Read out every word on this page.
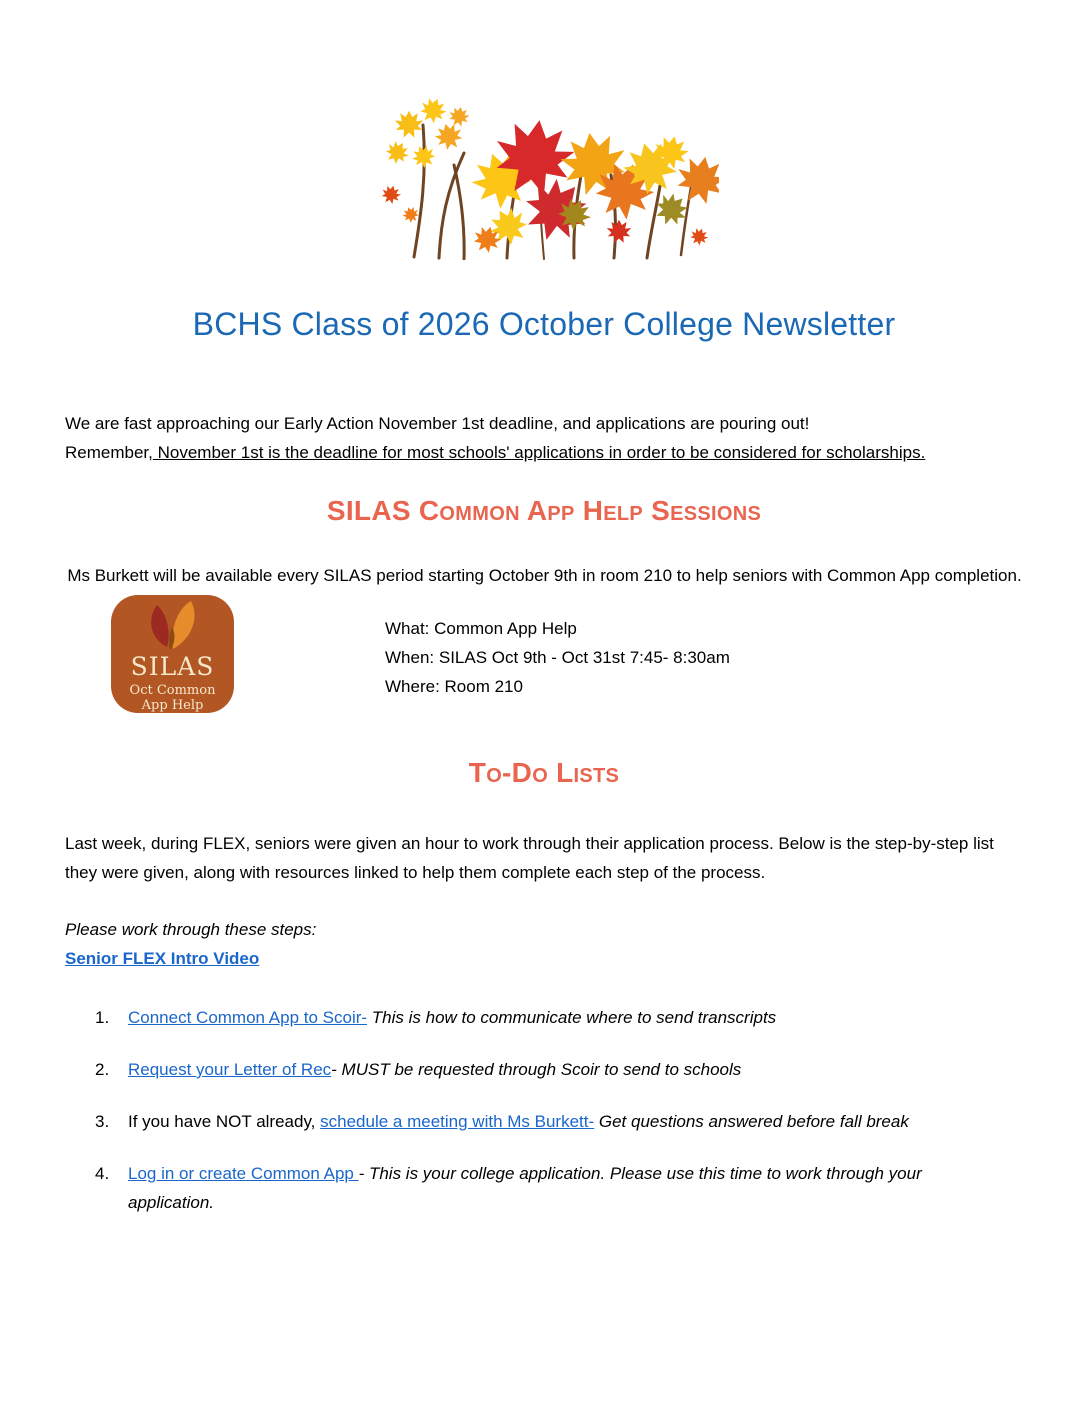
BCHS Class of 2026 October College Newsletter

We are fast approaching our Early Action November 1st deadline, and applications are pouring out!
Remember, November 1st is the deadline for most schools' applications in order to be considered for scholarships.

SILAS Common App Help Sessions

Ms Burkett will be available every SILAS period starting October 9th in room 210 to help seniors with Common App completion.

SILAS
Oct Common
App Help
What: Common App Help
When: SILAS Oct 9th - Oct 31st 7:45- 8:30am
Where: Room 210
To-Do Lists

Last week, during FLEX, seniors were given an hour to work through their application process. Below is the step-by-step list they were given, along with resources linked to help them complete each step of the process.

Please work through these steps:

Senior FLEX Intro Video

1.	Connect Common App to Scoir- This is how to communicate where to send transcripts
2.	Request your Letter of Rec- MUST be requested through Scoir to send to schools
3.	If you have NOT already, schedule a meeting with Ms Burkett- Get questions answered before fall break
4.	Log in or create Common App - This is your college application. Please use this time to work through your application.
